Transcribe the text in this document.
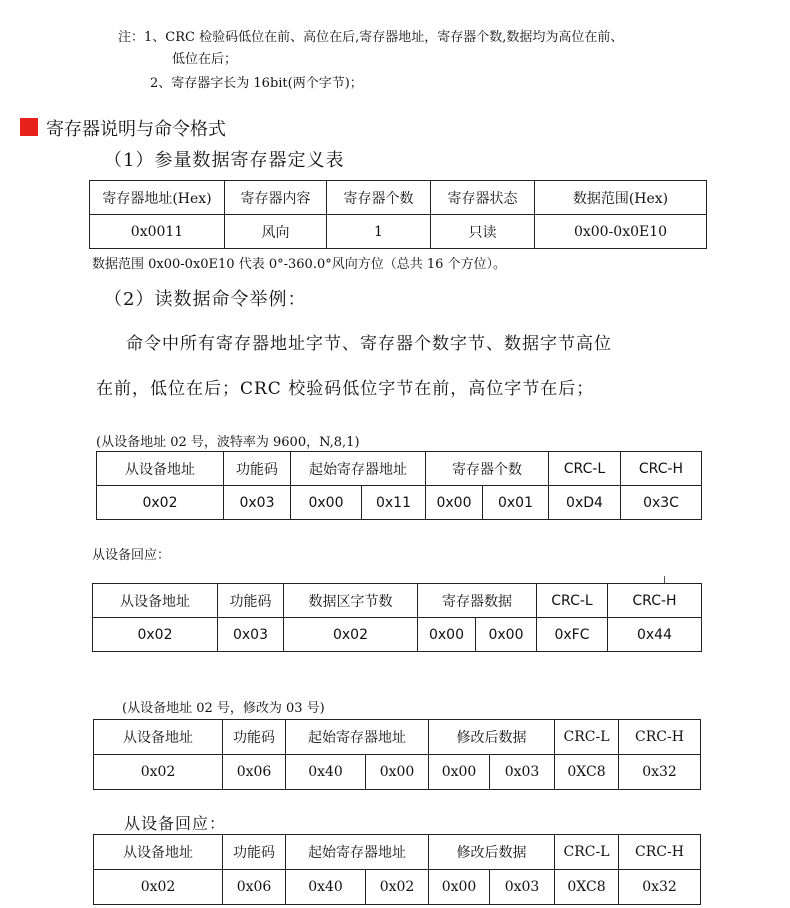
注：1、CRC 检验码低位在前、高位在后,寄存器地址，寄存器个数,数据均为高位在前、
低位在后；
2、寄存器字长为 16bit(两个字节)；
寄存器说明与命令格式
（1）参量数据寄存器定义表
寄存器地址(Hex)	寄存器内容	寄存器个数	寄存器状态	数据范围(Hex)
0x0011	风向	1	只读	0x00-0x0E10
数据范围 0x00-0x0E10 代表 0°-360.0°风向方位（总共 16 个方位）。
（2）读数据命令举例：
命令中所有寄存器地址字节、寄存器个数字节、数据字节高位
在前，低位在后；CRC 校验码低位字节在前，高位字节在后；
(从设备地址 02 号，波特率为 9600，N,8,1)
从设备地址	功能码	起始寄存器地址		寄存器个数		CRC-L	CRC-H
0x02	0x03	0x00	0x11	0x00	0x01	0xD4	0x3C
从设备回应：
从设备地址	功能码	数据区字节数	寄存器数据		CRC-L	CRC-H
0x02	0x03	0x02	0x00	0x00	0xFC	0x44
(从设备地址 02 号，修改为 03 号)
从设备地址	功能码	起始寄存器地址		修改后数据		CRC-L	CRC-H
0x02	0x06	0x40	0x00	0x00	0x03	0XC8	0x32
从设备回应：
从设备地址	功能码	起始寄存器地址		修改后数据		CRC-L	CRC-H
0x02	0x06	0x40	0x02	0x00	0x03	0XC8	0x32
